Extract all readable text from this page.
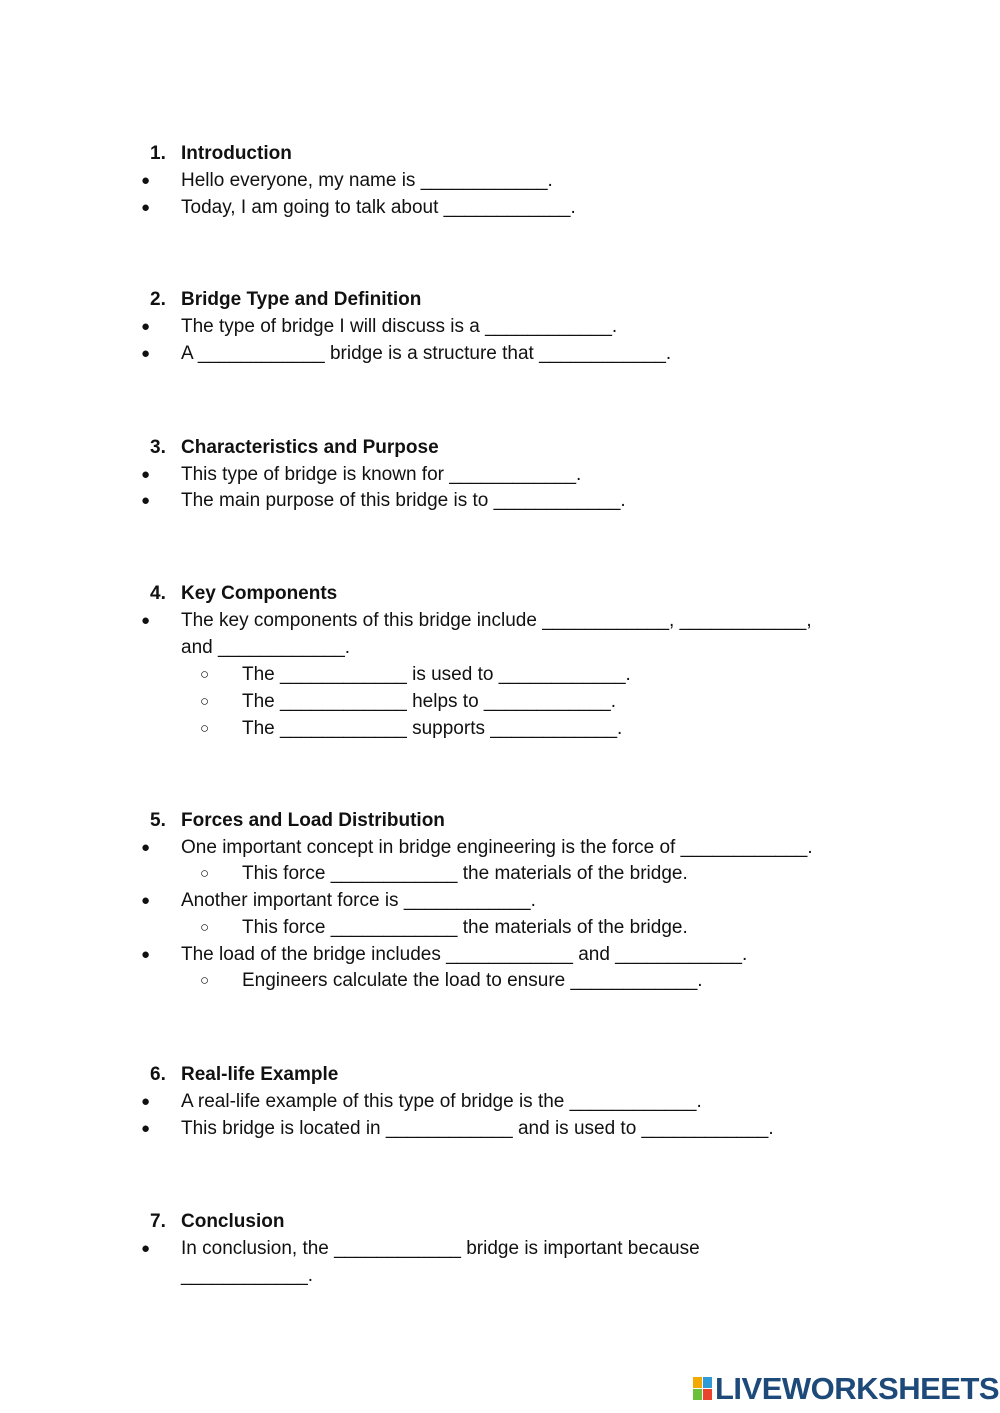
1. Introduction
● Hello everyone, my name is ____________.
● Today, I am going to talk about ____________.
2. Bridge Type and Definition
● The type of bridge I will discuss is a ____________.
● A ____________ bridge is a structure that ____________.
3. Characteristics and Purpose
● This type of bridge is known for ____________.
● The main purpose of this bridge is to ____________.
4. Key Components
● The key components of this bridge include ____________, ____________,
and ____________.
○ The ____________ is used to ____________.
○ The ____________ helps to ____________.
○ The ____________ supports ____________.
5. Forces and Load Distribution
● One important concept in bridge engineering is the force of ____________.
○ This force ____________ the materials of the bridge.
● Another important force is ____________.
○ This force ____________ the materials of the bridge.
● The load of the bridge includes ____________ and ____________.
○ Engineers calculate the load to ensure ____________.
6. Real-life Example
● A real-life example of this type of bridge is the ____________.
● This bridge is located in ____________ and is used to ____________.
7. Conclusion
● In conclusion, the ____________ bridge is important because
____________.
LIVEWORKSHEETS
